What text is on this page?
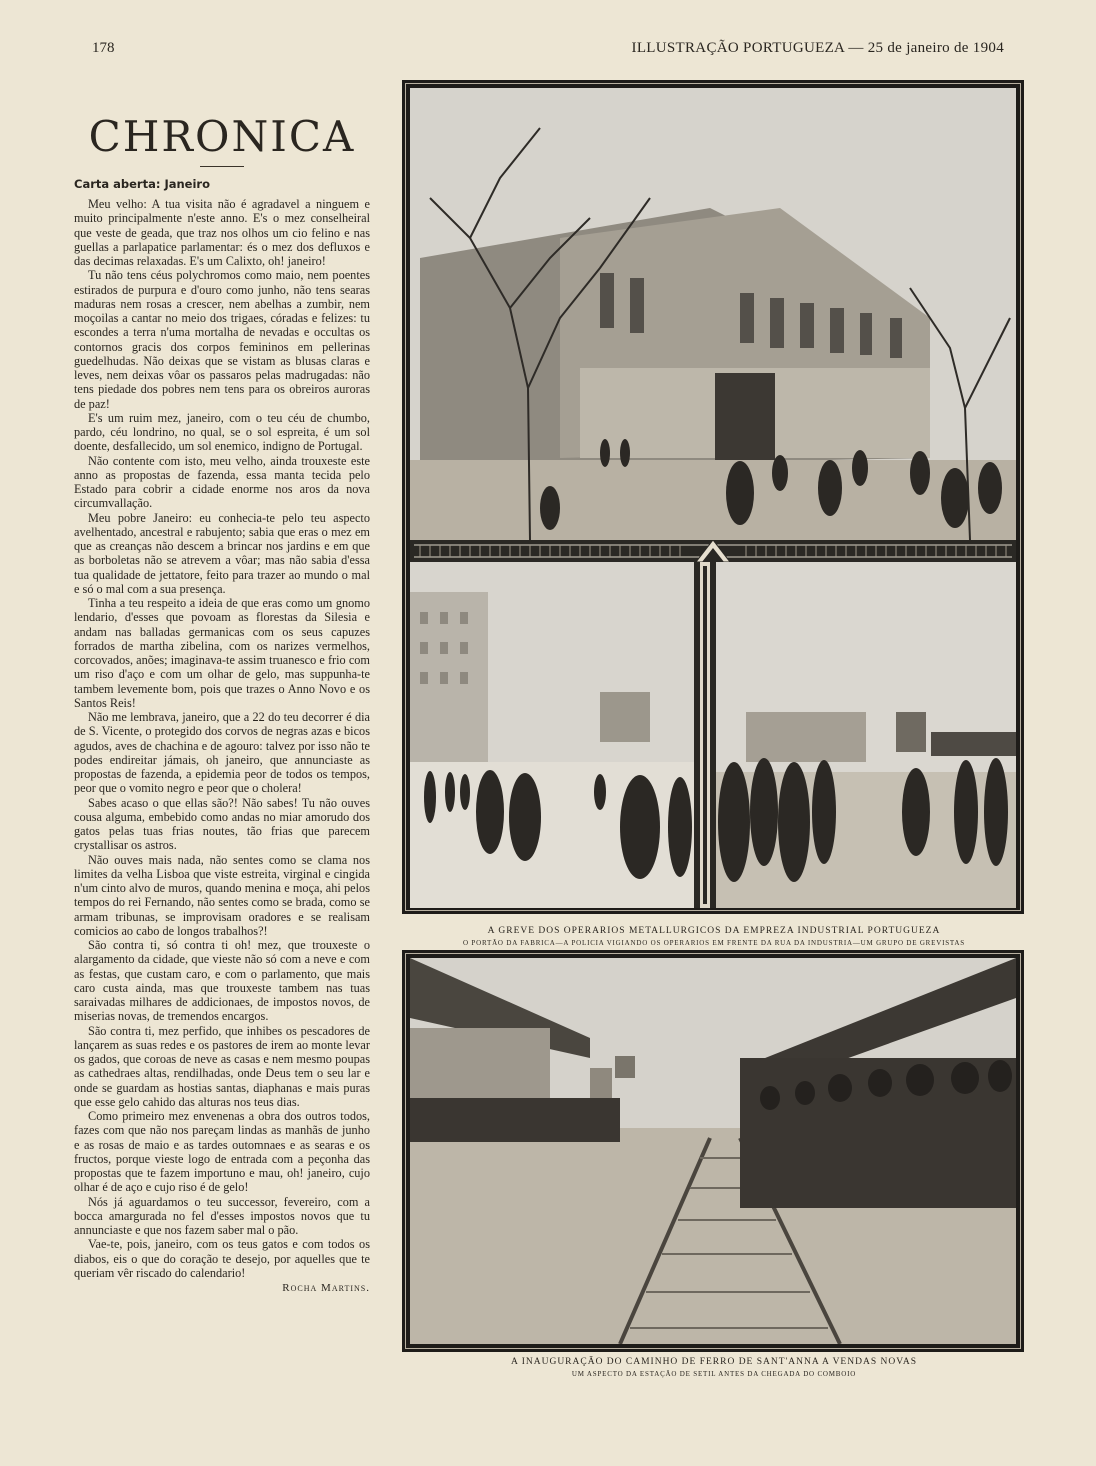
178	ILLUSTRAÇÃO PORTUGUEZA — 25 de janeiro de 1904
CHRONICA
Carta aberta: Janeiro

Meu velho: A tua visita não é agradavel a ninguem e muito principalmente n'este anno. E's o mez conselheiral que veste de geada, que traz nos olhos um cio felino e nas guellas a parlapatice parlamentar: és o mez dos defluxos e das decimas relaxadas. E's um Calixto, oh! janeiro!

Tu não tens céus polychromos como maio, nem poentes estirados de purpura e d'ouro como junho, não tens searas maduras nem rosas a crescer, nem abelhas a zumbir, nem moçoilas a cantar no meio dos trigaes, córadas e felizes: tu escondes a terra n'uma mortalha de nevadas e occultas os contornos gracis dos corpos femininos em pellerinas guedelhudas. Não deixas que se vistam as blusas claras e leves, nem deixas vôar os passaros pelas madrugadas: não tens piedade dos pobres nem tens para os obreiros auroras de paz!

E's um ruim mez, janeiro, com o teu céu de chumbo, pardo, céu londrino, no qual, se o sol espreita, é um sol doente, desfallecido, um sol enemico, indigno de Portugal.

Não contente com isto, meu velho, ainda trouxeste este anno as propostas de fazenda, essa manta tecida pelo Estado para cobrir a cidade enorme nos aros da nova circumvallação.

Meu pobre Janeiro: eu conhecia-te pelo teu aspecto avelhentado, ancestral e rabujento; sabia que eras o mez em que as creanças não descem a brincar nos jardins e em que as borboletas não se atrevem a vôar; mas não sabia d'essa tua qualidade de jettatore, feito para trazer ao mundo o mal e só o mal com a sua presença.

Tinha a teu respeito a ideia de que eras como um gnomo lendario, d'esses que povoam as florestas da Silesia e andam nas balladas germanicas com os seus capuzes forrados de martha zibelina, com os narizes vermelhos, corcovados, anões; imaginava-te assim truanesco e frio com um riso d'aço e com um olhar de gelo, mas suppunha-te tambem levemente bom, pois que trazes o Anno Novo e os Santos Reis!

Não me lembrava, janeiro, que a 22 do teu decorrer é dia de S. Vicente, o protegido dos corvos de negras azas e bicos agudos, aves de chachina e de agouro: talvez por isso não te podes endireitar jámais, oh janeiro, que annunciaste as propostas de fazenda, a epidemia peor de todos os tempos, peor que o vomito negro e peor que o cholera!

Sabes acaso o que ellas são?! Não sabes! Tu não ouves cousa alguma, embebido como andas no miar amorudo dos gatos pelas tuas frias noutes, tão frias que parecem crystallisar os astros.

Não ouves mais nada, não sentes como se clama nos limites da velha Lisboa que viste estreita, virginal e cingida n'um cinto alvo de muros, quando menina e moça, ahi pelos tempos do rei Fernando, não sentes como se brada, como se armam tribunas, se improvisam oradores e se realisam comicios ao cabo de longos trabalhos?!

São contra ti, só contra ti oh! mez, que trouxeste o alargamento da cidade, que vieste não só com a neve e com as festas, que custam caro, e com o parlamento, que mais caro custa ainda, mas que trouxeste tambem nas tuas saraivadas milhares de addicionaes, de impostos novos, de miserias novas, de tremendos encargos.

São contra ti, mez perfido, que inhibes os pescadores de lançarem as suas redes e os pastores de irem ao monte levar os gados, que coroas de neve as casas e nem mesmo poupas as cathedraes altas, rendilhadas, onde Deus tem o seu lar e onde se guardam as hostias santas, diaphanas e mais puras que esse gelo cahido das alturas nos teus dias.

Como primeiro mez envenenas a obra dos outros todos, fazes com que não nos pareçam lindas as manhãs de junho e as rosas de maio e as tardes outomnaes e as searas e os fructos, porque vieste logo de entrada com a peçonha das propostas que te fazem importuno e mau, oh! janeiro, cujo olhar é de aço e cujo riso é de gelo!

Nós já aguardamos o teu successor, fevereiro, com a bocca amargurada no fel d'esses impostos novos que tu annunciaste e que nos fazem saber mal o pão.

Vae-te, pois, janeiro, com os teus gatos e com todos os diabos, eis o que do coração te desejo, por aquelles que te queriam vêr riscado do calendario!

Rocha Martins.
A GREVE DOS OPERARIOS METALLURGICOS DA EMPREZA INDUSTRIAL PORTUGUEZA
O PORTÃO DA FABRICA—A POLICIA VIGIANDO OS OPERARIOS EM FRENTE DA RUA DA INDUSTRIA—UM GRUPO DE GREVISTAS
A INAUGURAÇÃO DO CAMINHO DE FERRO DE SANT'ANNA A VENDAS NOVAS
UM ASPECTO DA ESTAÇÃO DE SETIL ANTES DA CHEGADA DO COMBOIO
